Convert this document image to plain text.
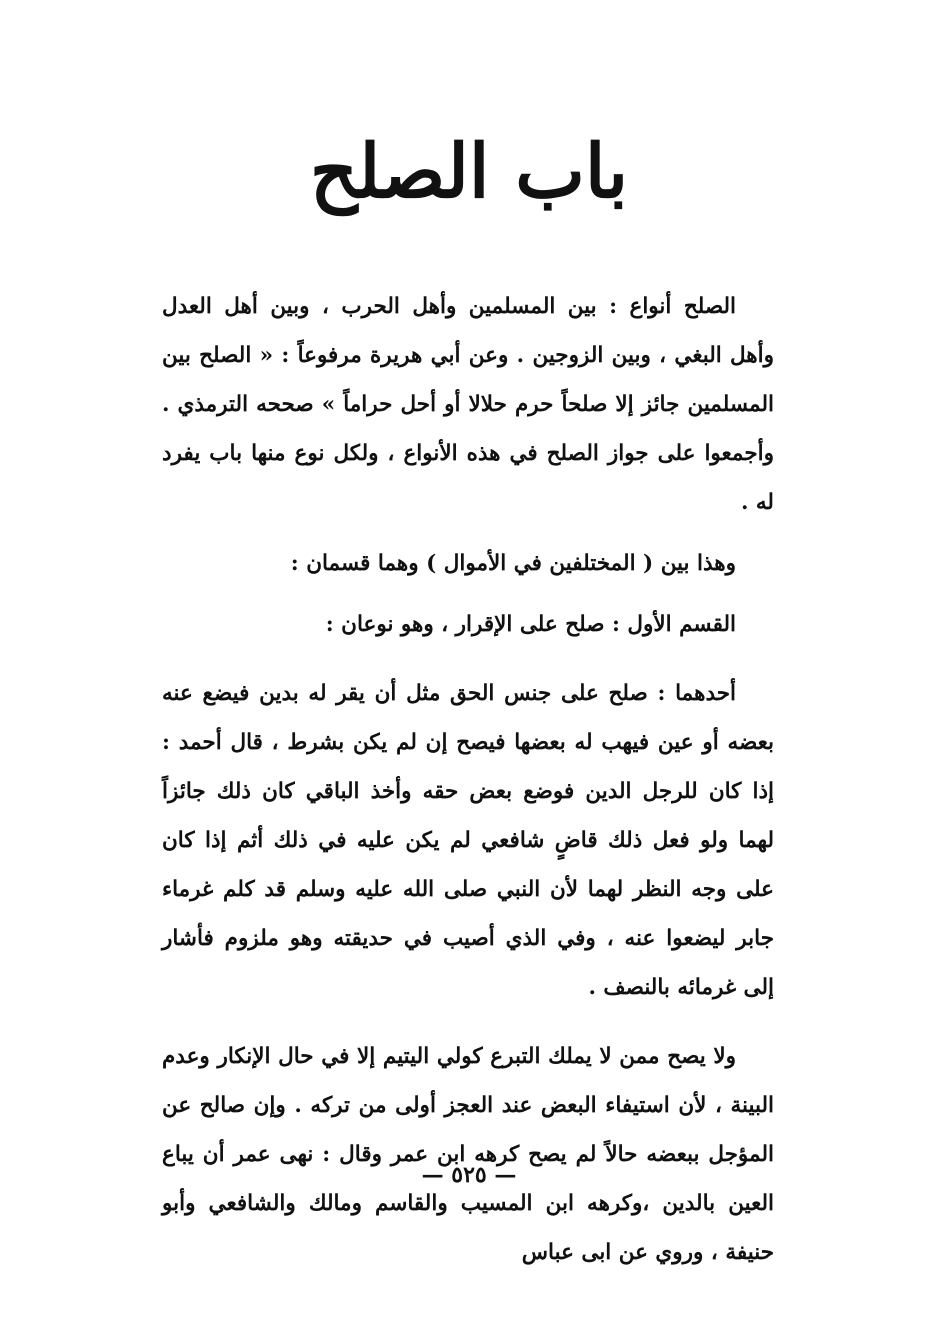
باب الصلح

الصلح أنواع : بين المسلمين وأهل الحرب ، وبين أهل العدل وأهل البغي ، وبين الزوجين . وعن أبي هريرة مرفوعاً : « الصلح بين المسلمين جائز إلا صلحاً حرم حلالا أو أحل حراماً » صححه الترمذي . وأجمعوا على جواز الصلح في هذه الأنواع ، ولكل نوع منها باب يفرد له .

وهذا بين ( المختلفين في الأموال ) وهما قسمان :

القسم الأول : صلح على الإقرار ، وهو نوعان :

أحدهما : صلح على جنس الحق مثل أن يقر له بدين فيضع عنه بعضه أو عين فيهب له بعضها فيصح إن لم يكن بشرط ، قال أحمد : إذا كان للرجل الدين فوضع بعض حقه وأخذ الباقي كان ذلك جائزاً لهما ولو فعل ذلك قاضٍ شافعي لم يكن عليه في ذلك أثم إذا كان على وجه النظر لهما لأن النبي صلى الله عليه وسلم قد كلم غرماء جابر ليضعوا عنه ، وفي الذي أصيب في حديقته وهو ملزوم فأشار إلى غرمائه بالنصف .

ولا يصح ممن لا يملك التبرع كولي اليتيم إلا في حال الإنكار وعدم البينة ، لأن استيفاء البعض عند العجز أولى من تركه . وإن صالح عن المؤجل ببعضه حالاً لم يصح كرهه ابن عمر وقال : نهى عمر أن يباع العين بالدين ،وكرهه ابن المسيب والقاسم ومالك والشافعي وأبو حنيفة ، وروي عن ابى عباس

— ٥٢٥ —
